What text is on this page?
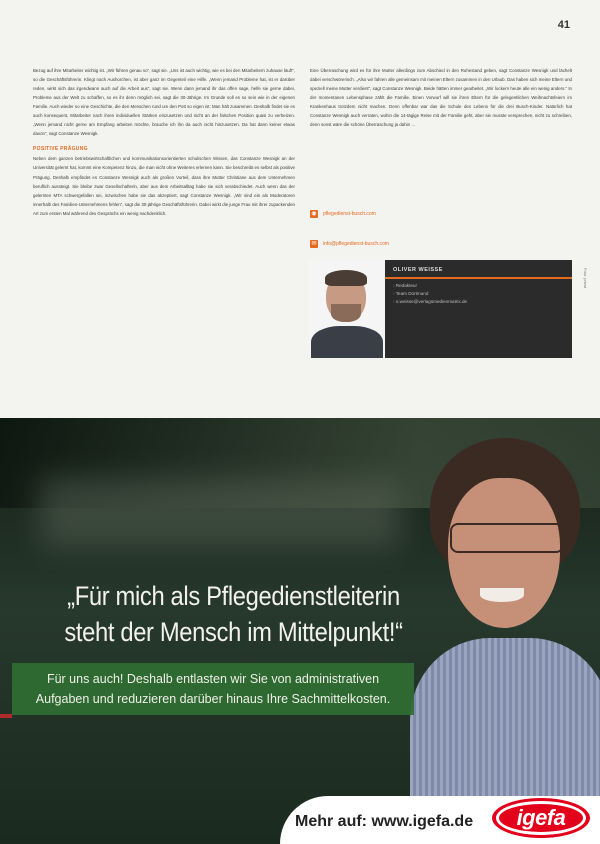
41

Bezug auf ihre Mitarbeiter wichtig ist. „Wir führen genau so“, sagt sie. „Uns ist auch wichtig, wie es bei den Mitarbeitern zuhause läuft“, so die Geschäftsführerin. Klingt nach Aushorchen, ist aber ganz im Gegenteil eine Hilfe. „Wenn jemand Probleme hat, ist er darüber reden, wirkt sich das irgendwann auch auf die Arbeit aus“, sagt sie. Wenn dann jemand ihr das offen sage, helfe sie gerne dabei, Probleme aus der Welt zu schaffen, so es ihr denn möglich sei, sagt die 30-Jährige. Im Grunde soll es so sein wie in der eigenen Familie. Auch wieder so eine Geschichte, die den Menschen rund um den Pott so eigen ist: Man hält zusammen. Deshalb findet sie es auch konsequent, Mitarbeiter nach ihren individuellen Stärken einzusetzen und nicht an der falschen Position quasi zu verheizen. „Wenn jemand nicht gerne am Empfang arbeiten möchte, brauche ich ihn da auch nicht hinzusetzen. Da hat dann keiner etwas davon“, sagt Constanze Wesnigk.

POSITIVE PRÄGUNG

Neben dem ganzen betriebswirtschaftlichen und kommunikationsorientierten schulischen Wissen, das Constanze Wesnigk an der Universität gelernt hat, kommt eine Kompetenz hinzu, die man nicht ohne Weiteres erlernen kann. Sie beschreibt es selbst als positive Prägung. Deshalb empfindet es Constanze Wesnigk auch als großen Vorteil, dass ihre Mutter Christiane aus dem Unternehmen beruflich aussteigt. Sie bleibe zwar Gesellschafterin, aber aus dem Arbeitsalltag habe sie sich verabschiedet. Auch wenn das der gelernten MTA schwergefallen sei, inzwischen habe sie das akzeptiert, sagt Constanze Wesnigk. „Wir sind ein als Moderatoren innerhalb des Familien-Unternehmens fehlen“, sagt die 30-jährige Geschäftsführerin. Dabei wirkt die junge Frau mit ihrer zupackenden Art zum ersten Mal während des Gesprächs ein wenig nachdenklich.

Eine Überraschung wird es für ihre Mutter allerdings zum Abschied in den Ruhestand geben, sagt Constanze Wesnigk und lächelt dabei verschwörerisch. „Also wir fahren alle gemeinsam mit meinen Eltern zusammen in den Urlaub. Das haben sich meine Eltern und speziell meine Mutter verdient“, sagt Constanze Wesnigk. Beide hätten immer gearbeitet. „Wir lockern heute alle ein wenig anders.“ In der momentanen Lebensphase zählt die Familie. Einen Vorwurf will sie ihren Eltern für die gelegentlichen Weihnachtsfeiern im Krankenhaus trotzdem nicht machen. Denn offenbar war das die Schule des Lebens für die drei Busch-Kinder. Natürlich hat Constanze Wesnigk auch verraten, wohin die 14-tägige Reise mit der Familie geht, aber sie musste versprechen, nicht zu schreiben, denn sonst wäre die schöne Überraschung ja dahin …

◉ pflegedienst-busch.com
✉ info@pflegedienst-busch.com
OLIVER WEISSE
› Redakteur
› Team Dortmund
› o.weisse@verlagsmedienmatrix.de
Foto: privat
„Für mich als Pflegedienstleiterin
steht der Mensch im Mittelpunkt!“
Für uns auch! Deshalb entlasten wir Sie von administrativen
Aufgaben und reduzieren darüber hinaus Ihre Sachmittelkosten.
Mehr auf: www.igefa.de igefa
